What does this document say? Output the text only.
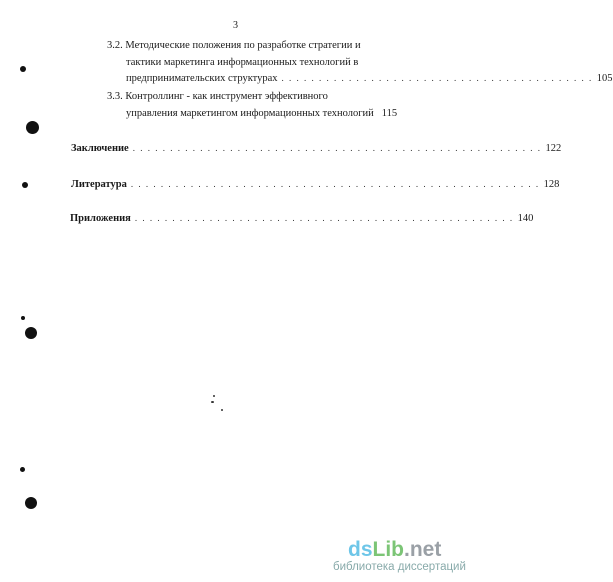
3
3.2. Методические положения по разработке стратегии и
тактики маркетинга информационных технологий в
предпринимательских структурах . . . . . . . . . . . . . . . . . . . . . . . . . . . . . . . . . . . . . . . . . . 105
3.3. Контроллинг - как инструмент эффективного
управления маркетингом информационных технологий 115
Заключение . . . . . . . . . . . . . . . . . . . . . . . . . . . . . . . . . . . . . . . . . . . . . . . . . . . . . . . 122
Литература . . . . . . . . . . . . . . . . . . . . . . . . . . . . . . . . . . . . . . . . . . . . . . . . . . . . . . . 128
Приложения . . . . . . . . . . . . . . . . . . . . . . . . . . . . . . . . . . . . . . . . . . . . . . . . . . . 140
dsLib.net
библиотека диссертаций
